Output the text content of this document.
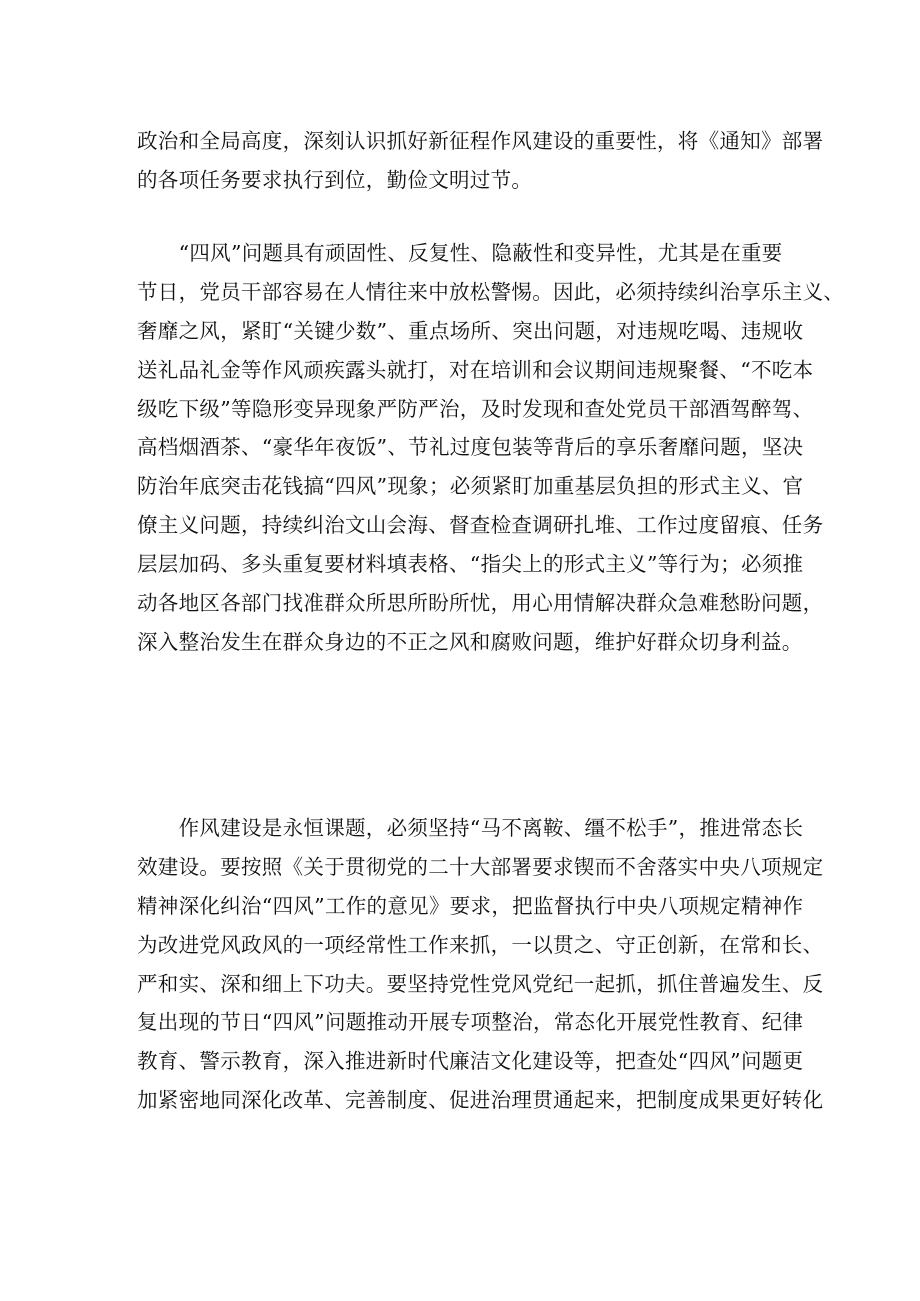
政治和全局高度，深刻认识抓好新征程作风建设的重要性，将《通知》部署
的各项任务要求执行到位，勤俭文明过节。
　　“四风”问题具有顽固性、反复性、隐蔽性和变异性，尤其是在重要
节日，党员干部容易在人情往来中放松警惕。因此，必须持续纠治享乐主义、
奢靡之风，紧盯“关键少数”、重点场所、突出问题，对违规吃喝、违规收
送礼品礼金等作风顽疾露头就打，对在培训和会议期间违规聚餐、“不吃本
级吃下级”等隐形变异现象严防严治，及时发现和查处党员干部酒驾醉驾、
高档烟酒茶、“豪华年夜饭”、节礼过度包装等背后的享乐奢靡问题，坚决
防治年底突击花钱搞“四风”现象；必须紧盯加重基层负担的形式主义、官
僚主义问题，持续纠治文山会海、督查检查调研扎堆、工作过度留痕、任务
层层加码、多头重复要材料填表格、“指尖上的形式主义”等行为；必须推
动各地区各部门找准群众所思所盼所忧，用心用情解决群众急难愁盼问题，
深入整治发生在群众身边的不正之风和腐败问题，维护好群众切身利益。
　　作风建设是永恒课题，必须坚持“马不离鞍、缰不松手”，推进常态长
效建设。要按照《关于贯彻党的二十大部署要求锲而不舍落实中央八项规定
精神深化纠治“四风”工作的意见》要求，把监督执行中央八项规定精神作
为改进党风政风的一项经常性工作来抓，一以贯之、守正创新，在常和长、
严和实、深和细上下功夫。要坚持党性党风党纪一起抓，抓住普遍发生、反
复出现的节日“四风”问题推动开展专项整治，常态化开展党性教育、纪律
教育、警示教育，深入推进新时代廉洁文化建设等，把查处“四风”问题更
加紧密地同深化改革、完善制度、促进治理贯通起来，把制度成果更好转化
